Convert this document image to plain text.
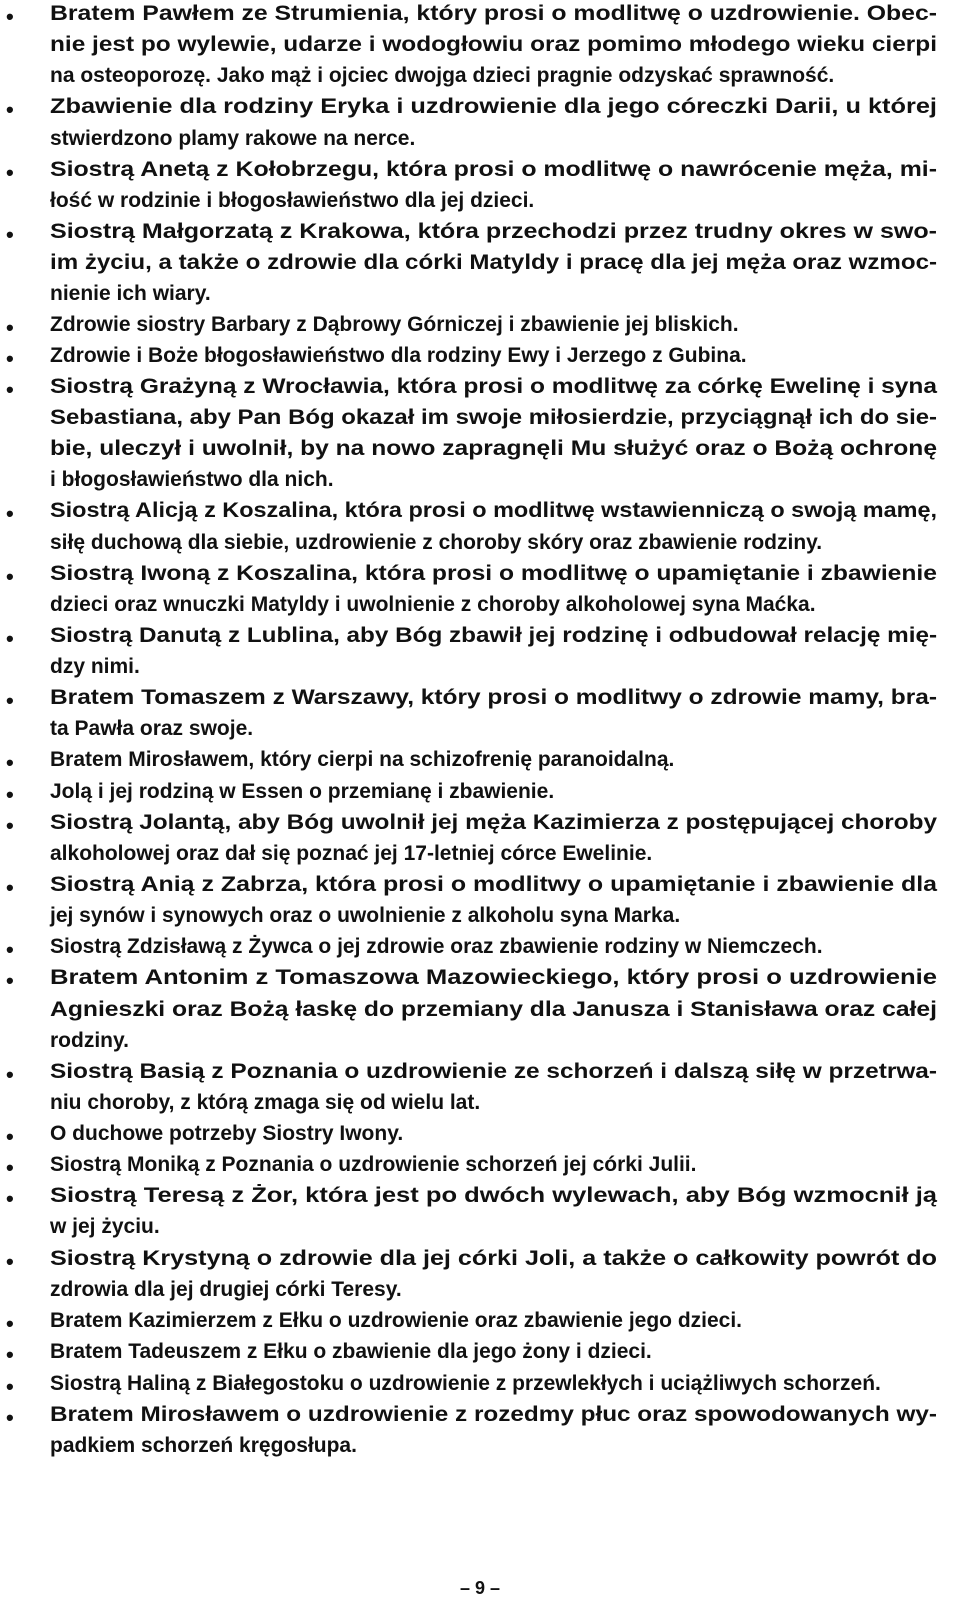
• Bratem Pawłem ze Strumienia, który prosi o modlitwę o uzdrowienie. Obec-
nie jest po wylewie, udarze i wodogłowiu oraz pomimo młodego wieku cierpi
na osteoporozę. Jako mąż i ojciec dwojga dzieci pragnie odzyskać sprawność.
• Zbawienie dla rodziny Eryka i uzdrowienie dla jego córeczki Darii, u której
stwierdzono plamy rakowe na nerce.
• Siostrą Anetą z Kołobrzegu, która prosi o modlitwę o nawrócenie męża, mi-
łość w rodzinie i błogosławieństwo dla jej dzieci.
• Siostrą Małgorzatą z Krakowa, która przechodzi przez trudny okres w swo-
im życiu, a także o zdrowie dla córki Matyldy i pracę dla jej męża oraz wzmoc-
nienie ich wiary.
• Zdrowie siostry Barbary z Dąbrowy Górniczej i zbawienie jej bliskich.
• Zdrowie i Boże błogosławieństwo dla rodziny Ewy i Jerzego z Gubina.
• Siostrą Grażyną z Wrocławia, która prosi o modlitwę za córkę Ewelinę i syna
Sebastiana, aby Pan Bóg okazał im swoje miłosierdzie, przyciągnął ich do sie-
bie, uleczył i uwolnił, by na nowo zapragnęli Mu służyć oraz o Bożą ochronę
i błogosławieństwo dla nich.
• Siostrą Alicją z Koszalina, która prosi o modlitwę wstawienniczą o swoją mamę,
siłę duchową dla siebie, uzdrowienie z choroby skóry oraz zbawienie rodziny.
• Siostrą Iwoną z Koszalina, która prosi o modlitwę o upamiętanie i zbawienie
dzieci oraz wnuczki Matyldy i uwolnienie z choroby alkoholowej syna Maćka.
• Siostrą Danutą z Lublina, aby Bóg zbawił jej rodzinę i odbudował relację mię-
dzy nimi.
• Bratem Tomaszem z Warszawy, który prosi o modlitwy o zdrowie mamy, bra-
ta Pawła oraz swoje.
• Bratem Mirosławem, który cierpi na schizofrenię paranoidalną.
• Jolą i jej rodziną w Essen o przemianę i zbawienie.
• Siostrą Jolantą, aby Bóg uwolnił jej męża Kazimierza z postępującej choroby
alkoholowej oraz dał się poznać jej 17-letniej córce Ewelinie.
• Siostrą Anią z Zabrza, która prosi o modlitwy o upamiętanie i zbawienie dla
jej synów i synowych oraz o uwolnienie z alkoholu syna Marka.
• Siostrą Zdzisławą z Żywca o jej zdrowie oraz zbawienie rodziny w Niemczech.
• Bratem Antonim z Tomaszowa Mazowieckiego, który prosi o uzdrowienie
Agnieszki oraz Bożą łaskę do przemiany dla Janusza i Stanisława oraz całej
rodziny.
• Siostrą Basią z Poznania o uzdrowienie ze schorzeń i dalszą siłę w przetrwa-
niu choroby, z którą zmaga się od wielu lat.
• O duchowe potrzeby Siostry Iwony.
• Siostrą Moniką z Poznania o uzdrowienie schorzeń jej córki Julii.
• Siostrą Teresą z Żor, która jest po dwóch wylewach, aby Bóg wzmocnił ją
w jej życiu.
• Siostrą Krystyną o zdrowie dla jej córki Joli, a także o całkowity powrót do
zdrowia dla jej drugiej córki Teresy.
• Bratem Kazimierzem z Ełku o uzdrowienie oraz zbawienie jego dzieci.
• Bratem Tadeuszem z Ełku o zbawienie dla jego żony i dzieci.
• Siostrą Haliną z Białegostoku o uzdrowienie z przewlekłych i uciążliwych schorzeń.
• Bratem Mirosławem o uzdrowienie z rozedmy płuc oraz spowodowanych wy-
padkiem schorzeń kręgosłupa.
– 9 –
